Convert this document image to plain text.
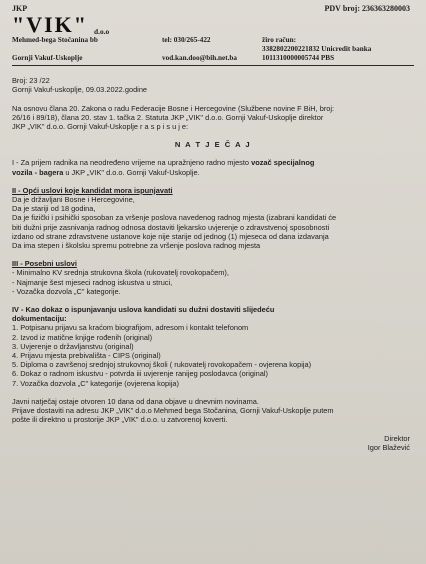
JKP	PDV broj: 236363280003
"VIK" d.o.o
Mehmed-bega Stočanina bb	tel: 030/265-422	žiro račun:
3382802200221832 Unicredit banka
Gornji Vakuf-Uskoplje	vod.kan.doo@bih.net.ba	1011310000005744 PBS

Broj: 23 /22

Gornji Vakuf-uskoplje, 09.03.2022.godine

Na osnovu člana 20. Zakona o radu Federacije Bosne i Hercegovine (Službene novine F BiH, broj:

26/16 i 89/18), člana 20. stav 1. tačka 2. Statuta JKP „VIK" d.o.o. Gornji Vakuf-Uskoplje direktor

JKP „VIK" d.o.o. Gornji Vakuf-Uskoplje r a s p i s u j e:

N A T J E Č A J

I - Za prijem radnika na neodređeno vrijeme na upražnjeno radno mjesto vozač specijalnog

vozila - bagera u JKP „VIK" d.o.o. Gornji Vakuf-Uskoplje.

II - Opći uslovi koje kandidat mora ispunjavati

Da je državljani Bosne i Hercegovine,

Da je stariji od 18 godina,

Da je fizički i psihički sposoban za vršenje poslova navedenog radnog mjesta (izabrani kandidati će

biti dužni prije zasnivanja radnog odnosa dostaviti ljekarsko uvjerenje o zdravstvenoj sposobnosti

izdano od strane zdravstvene ustanove koje nije starije od jednog (1) mjeseca od dana izdavanja

Da ima stepen i školsku spremu potrebne za vršenje poslova radnog mjesta

III - Posebni uslovi

- Minimalno KV srednja strukovna škola (rukovatelj rovokopačem),

- Najmanje šest mjeseci radnog iskustva u struci,

- Vozačka dozvola „C" kategorije.

IV - Kao dokaz o ispunjavanju uslova kandidati su dužni dostaviti slijedeću

dokumentaciju:

1. Potpisanu prijavu sa kraćom biografijom, adresom i kontakt telefonom

2. Izvod iz matične knjige rođenih (original)

3. Uvjerenje o državljanstvu (original)

4. Prijavu mjesta prebivališta - CIPS (original)

5. Diploma o završenoj srednjoj strukovnoj školi ( rukovatelj rovokopačem - ovjerena kopija)

6. Dokaz o radnom iskustvu - potvrda iii uvjerenje ranijeg poslodavca (original)

7. Vozačka dozvola „C" kategorije (ovjerena kopija)

Javni natječaj ostaje otvoren 10 dana od dana objave u dnevnim novinama.

Prijave dostaviti na adresu JKP „VIK" d.o.o Mehmed bega Stočanina, Gornji Vakuf-Uskoplje putem

pošte ili direktno u prostorije JKP „VIK" d.o.o. u zatvorenoj koverti.

Direktor

Igor Blažević
